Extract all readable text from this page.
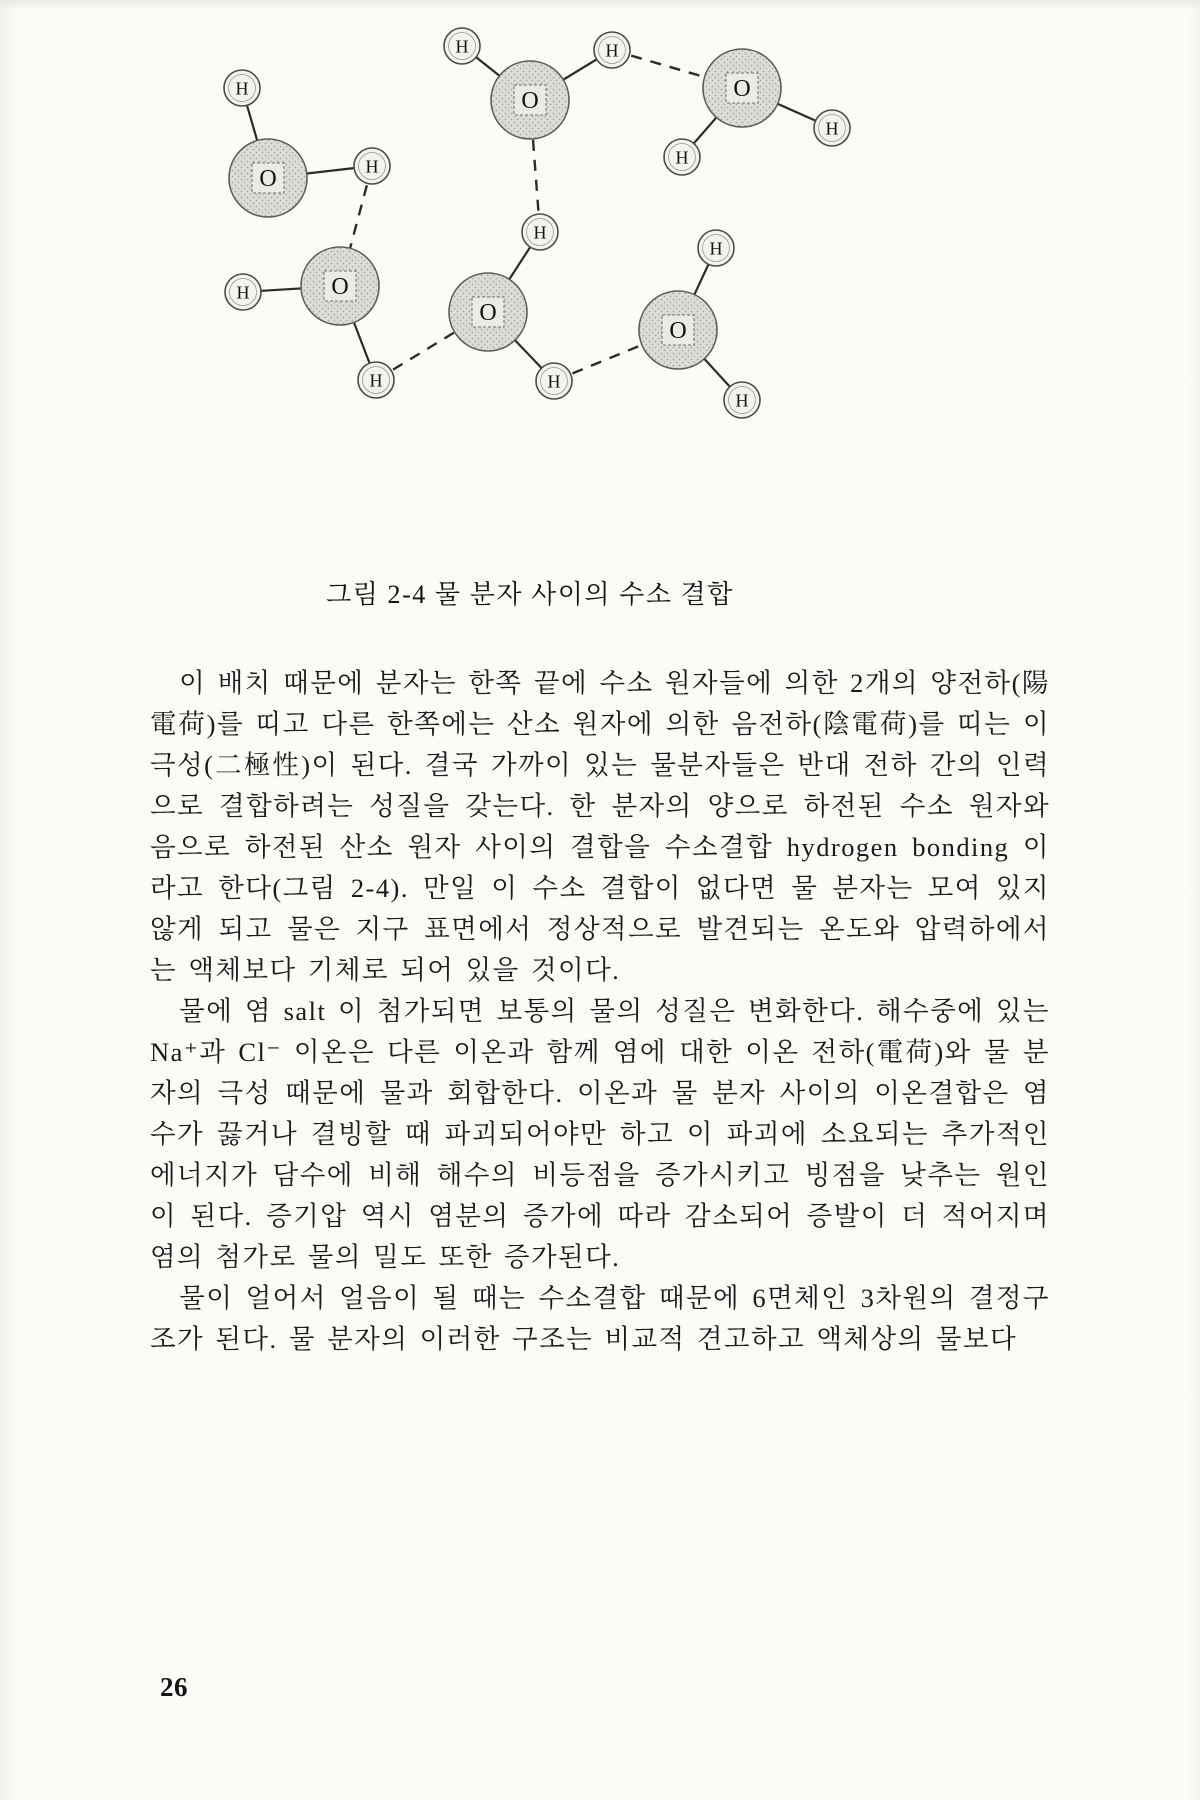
O
H
H
O
H	H
O
H
H
O
H
H
O
H
H
O
H
H
그림 2-4 물 분자 사이의 수소 결합

이 배치 때문에 분자는 한쪽 끝에 수소 원자들에 의한 2개의 양전하(陽電荷)를 띠고 다른 한쪽에는 산소 원자에 의한 음전하(陰電荷)를 띠는 이극성(二極性)이 된다. 결국 가까이 있는 물분자들은 반대 전하 간의 인력으로 결합하려는 성질을 갖는다. 한 분자의 양으로 하전된 수소 원자와 음으로 하전된 산소 원자 사이의 결합을 수소결합 hydrogen bonding 이라고 한다(그림 2-4). 만일 이 수소 결합이 없다면 물 분자는 모여 있지 않게 되고 물은 지구 표면에서 정상적으로 발견되는 온도와 압력하에서는 액체보다 기체로 되어 있을 것이다.

물에 염 salt 이 첨가되면 보통의 물의 성질은 변화한다. 해수중에 있는 Na⁺과 Cl⁻ 이온은 다른 이온과 함께 염에 대한 이온 전하(電荷)와 물 분자의 극성 때문에 물과 회합한다. 이온과 물 분자 사이의 이온결합은 염수가 끓거나 결빙할 때 파괴되어야만 하고 이 파괴에 소요되는 추가적인 에너지가 담수에 비해 해수의 비등점을 증가시키고 빙점을 낮추는 원인이 된다. 증기압 역시 염분의 증가에 따라 감소되어 증발이 더 적어지며 염의 첨가로 물의 밀도 또한 증가된다.

물이 얼어서 얼음이 될 때는 수소결합 때문에 6면체인 3차원의 결정구조가 된다. 물 분자의 이러한 구조는 비교적 견고하고 액체상의 물보다

26
